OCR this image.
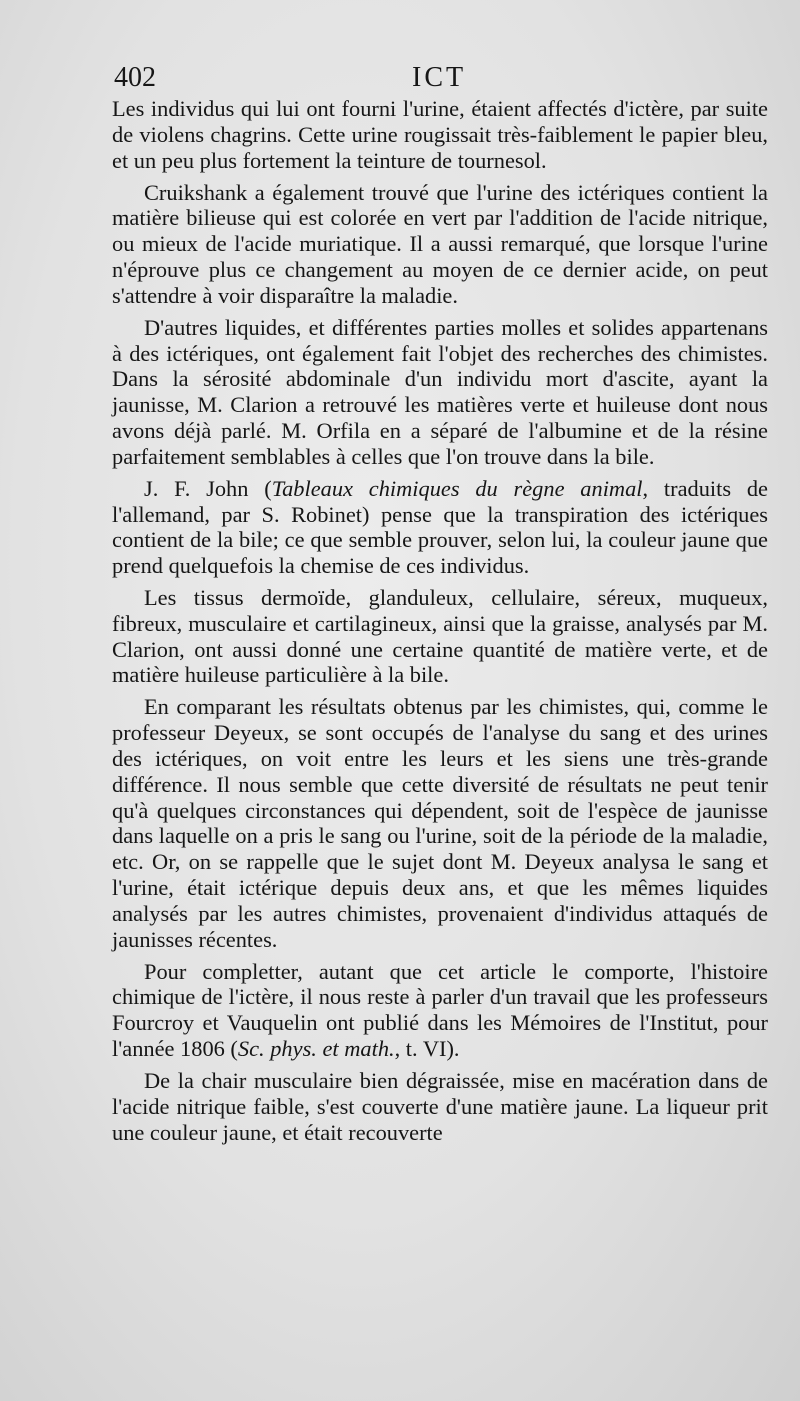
402	ICT

Les individus qui lui ont fourni l'urine, étaient affectés d'ictère, par suite de violens chagrins. Cette urine rougissait très-faiblement le papier bleu, et un peu plus fortement la teinture de tournesol.

Cruikshank a également trouvé que l'urine des ictériques contient la matière bilieuse qui est colorée en vert par l'addition de l'acide nitrique, ou mieux de l'acide muriatique. Il a aussi remarqué, que lorsque l'urine n'éprouve plus ce changement au moyen de ce dernier acide, on peut s'attendre à voir disparaître la maladie.

D'autres liquides, et différentes parties molles et solides appartenans à des ictériques, ont également fait l'objet des recherches des chimistes. Dans la sérosité abdominale d'un individu mort d'ascite, ayant la jaunisse, M. Clarion a retrouvé les matières verte et huileuse dont nous avons déjà parlé. M. Orfila en a séparé de l'albumine et de la résine parfaitement semblables à celles que l'on trouve dans la bile.

J. F. John (Tableaux chimiques du règne animal, traduits de l'allemand, par S. Robinet) pense que la transpiration des ictériques contient de la bile; ce que semble prouver, selon lui, la couleur jaune que prend quelquefois la chemise de ces individus.

Les tissus dermoïde, glanduleux, cellulaire, séreux, muqueux, fibreux, musculaire et cartilagineux, ainsi que la graisse, analysés par M. Clarion, ont aussi donné une certaine quantité de matière verte, et de matière huileuse particulière à la bile.

En comparant les résultats obtenus par les chimistes, qui, comme le professeur Deyeux, se sont occupés de l'analyse du sang et des urines des ictériques, on voit entre les leurs et les siens une très-grande différence. Il nous semble que cette diversité de résultats ne peut tenir qu'à quelques circonstances qui dépendent, soit de l'espèce de jaunisse dans laquelle on a pris le sang ou l'urine, soit de la période de la maladie, etc. Or, on se rappelle que le sujet dont M. Deyeux analysa le sang et l'urine, était ictérique depuis deux ans, et que les mêmes liquides analysés par les autres chimistes, provenaient d'individus attaqués de jaunisses récentes.

Pour completter, autant que cet article le comporte, l'histoire chimique de l'ictère, il nous reste à parler d'un travail que les professeurs Fourcroy et Vauquelin ont publié dans les Mémoires de l'Institut, pour l'année 1806 (Sc. phys. et math., t. VI).

De la chair musculaire bien dégraissée, mise en macération dans de l'acide nitrique faible, s'est couverte d'une matière jaune. La liqueur prit une couleur jaune, et était recouverte
